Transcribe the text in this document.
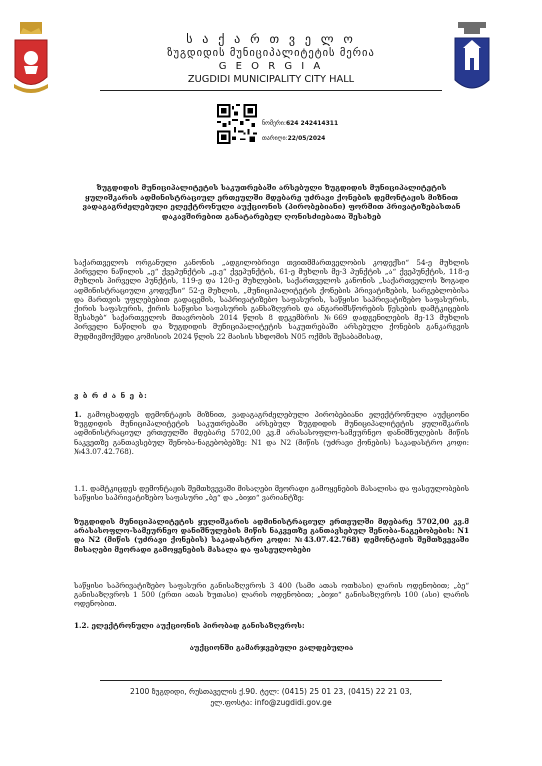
ს ა ქ ა რ თ ვ ე ლ ო
ზუგდიდის მუნიციპალიტეტის მერია
G E O R G I A
ZUGDIDI MUNICIPALITY CITY HALL
ნომერი:624 242414311
თარიღი:22/05/2024
ზუგდიდის მუნიციპალიტეტის საკუთრებაში არსებული ზუგდიდის მუნიციპალიტეტის ყულიშკარის ადმინისტრაციულ ერთეულში მდებარე უძრავი ქონების დემონტაჟის მიზნით ვადაგაგრძელებული ელექტრონული აუქციონის (პირობებიანი) ფორმით პრივატიზებასთან დაკავშირებით განატარებელ ღონისძიებათა შესახებ
საქართველოს ორგანული კანონის „ადგილობრივი თვითმმართველობის კოდექსი“ 54-ე მუხლის პირველი ნაწილის „ე“ ქვეპუნქტის „ე.ე“ ქვეპუნქტის, 61-ე მუხლის მე-3 პუნქტის „ა“ ქვეპუნქტის, 118-ე მუხლის პირველი პუნქტის, 119-ე და 120-ე მუხლების, საქართველოს კანონის „საქართველოს ზოგადი ადმინისტრაციული კოდექსი“ 52-ე მუხლის, „მუნიციპალიტეტის ქონების პრივატიზების, სარგებლობისა და მართვის უფლებებით გადაცემის, საპრივატიზებო საფასურის, საწყისი საპრივატიზებო საფასურის, ქირის საფასურის, ქირის საწყისი საფასურის განსაზღვრის და ანგარიშსწორების წესების დამტკიცების შესახებ“ საქართველოს მთავრობის 2014 წლის 8 დეკემბრის №669 დადგენილების მე-13 მუხლის პირველი ნაწილის და ზუგდიდის მუნიციპალიტეტის საკუთრებაში არსებული ქონების განკარგვის მუდმივმოქმედი კომისიის 2024 წლის 22 მაისის სხდომის N05 ოქმის შესაბამისად,
ვ ბ რ ძ ა ნ ე ბ:
1. გამოცხადდეს დემონტაჟის მიზნით, ვადაგაგრძელებული პირობებიანი ელექტრონული აუქციონი ზუგდიდის მუნიციპალიტეტის საკუთრებაში არსებულ ზუგდიდის მუნიციპალიტეტის ყულიშკარის ადმინისტრაციულ ერთეულში მდებარე 5702,00 კვ.მ არასასოფლო-სამეურნეო დანიშნულების მიწის ნაკვეთზე განთავსებულ შენობა-ნაგებობებზე: N1 და N2 (მიწის (უძრავი ქონების) საკადასტრო კოდი: №43.07.42.768).
1.1. დამტკიცდეს დემონტაჟის შემთხვევაში მისაღები მეორადი გამოყენების მასალისა და ფასეულობების საწყისი საპრივატიზებო საფასური „ბე“ და „ბიჯი“ ვარიანტზე:
ზუგდიდის მუნიციპალიტეტის ყულიშკარის ადმინისტრაციულ ერთეულში მდებარე 5702,00 კვ.მ არასასოფლო-სამეურნეო დანიშნულების მიწის ნაკვეთზე განთავსებულ შენობა-ნაგებობების: N1 და N2 (მიწის (უძრავი ქონების) საკადასტრო კოდი: №43.07.42.768) დემონტაჟის შემთხვევაში მისაღები მეორადი გამოყენების მასალა და ფასეულობები
საწყისი საპრივატიზებო საფასური განისაზღვროს 3 400 (სამი ათას ოთხასი) ლარის ოდენობით; „ბე“ განისაზღვროს 1 500 (ერთი ათას ხუთასი) ლარის ოდენობით; „ბიჯი“ განისაზღვროს 100 (ასი) ლარის ოდენობით.
1.2. ელექტრონული აუქციონის პირობად განისაზღვროს:
აუქციონში გამარჯვებული ვალდებულია
2100 ზუგდიდი, რუსთაველის ქ.90. ტელ: (0415) 25 01 23, (0415) 22 21 03,
ელ.ფოსტა: info@zugdidi.gov.ge
